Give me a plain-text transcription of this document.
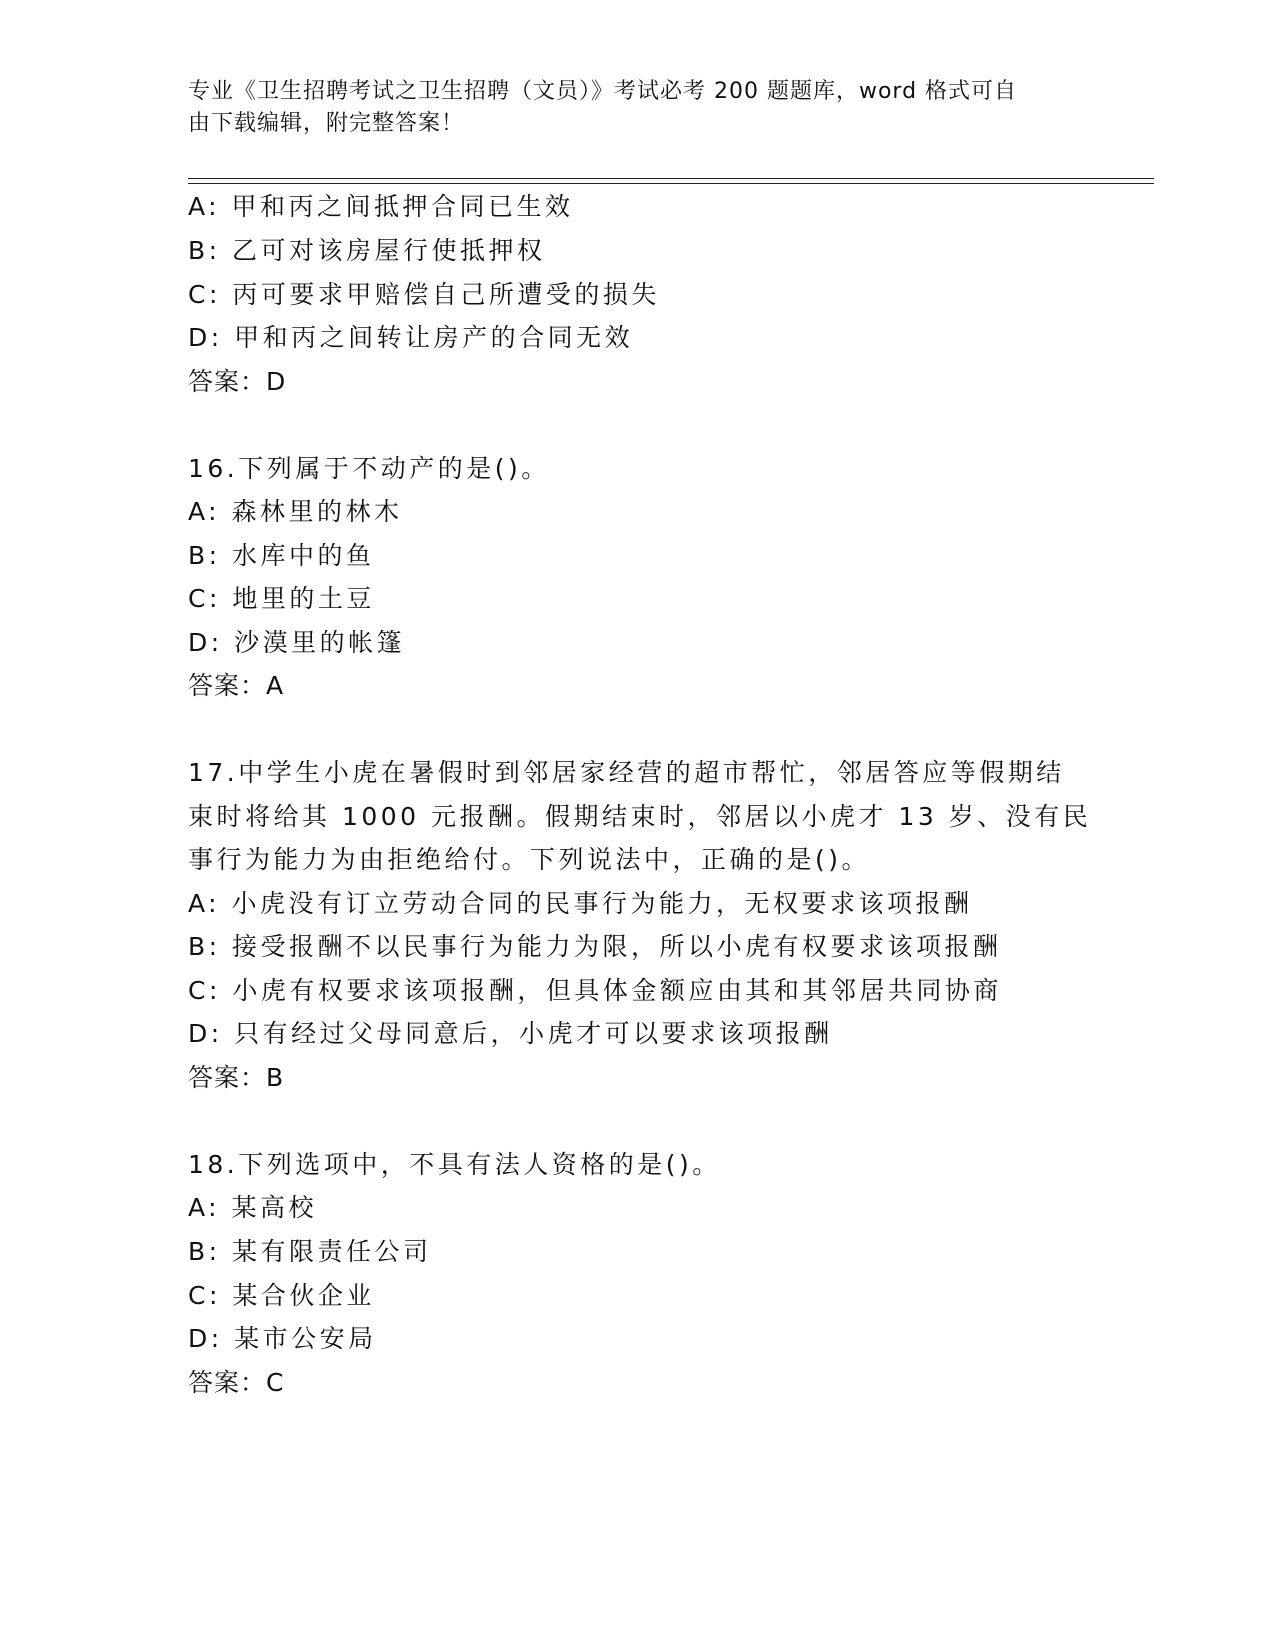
专业《卫生招聘考试之卫生招聘（文员）》考试必考 200 题题库，word 格式可自
由下载编辑，附完整答案！
A: 甲和丙之间抵押合同已生效
B: 乙可对该房屋行使抵押权
C: 丙可要求甲赔偿自己所遭受的损失
D: 甲和丙之间转让房产的合同无效
答案：D
16.下列属于不动产的是()。
A: 森林里的林木
B: 水库中的鱼
C: 地里的土豆
D: 沙漠里的帐篷
答案：A
17.中学生小虎在暑假时到邻居家经营的超市帮忙，邻居答应等假期结
束时将给其 1000 元报酬。假期结束时，邻居以小虎才 13 岁、没有民
事行为能力为由拒绝给付。下列说法中，正确的是()。
A: 小虎没有订立劳动合同的民事行为能力，无权要求该项报酬
B: 接受报酬不以民事行为能力为限，所以小虎有权要求该项报酬
C: 小虎有权要求该项报酬，但具体金额应由其和其邻居共同协商
D: 只有经过父母同意后，小虎才可以要求该项报酬
答案：B
18.下列选项中，不具有法人资格的是()。
A: 某高校
B: 某有限责任公司
C: 某合伙企业
D: 某市公安局
答案：C
